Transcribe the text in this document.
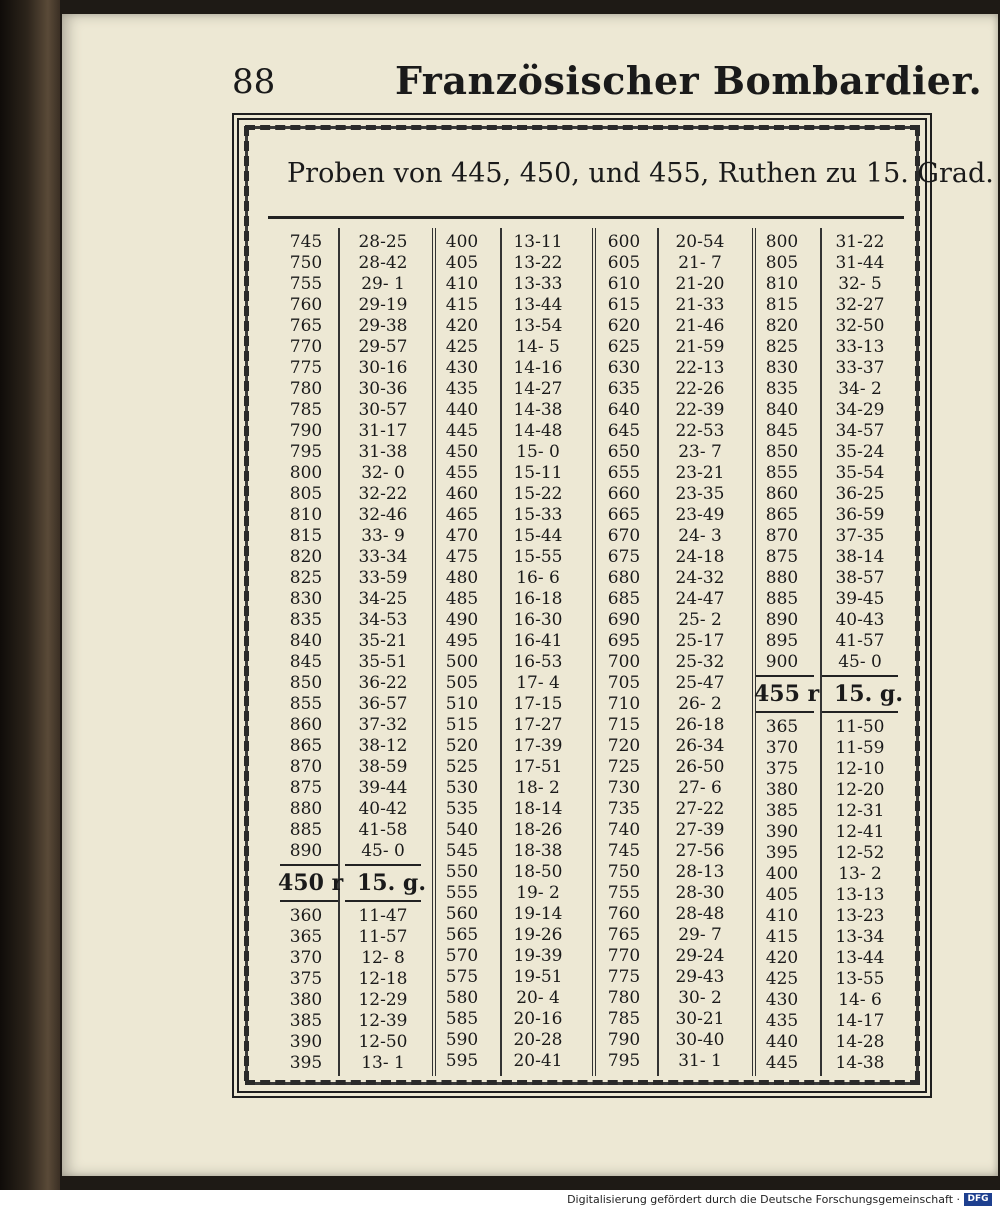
88	Französischer Bombardier.
Proben von 445, 450, und 455, Ruthen zu 15. Grad.
745	28-25
750	28-42
755	29- 1
760	29-19
765	29-38
770	29-57
775	30-16
780	30-36
785	30-57
790	31-17
795	31-38
800	32- 0
805	32-22
810	32-46
815	33- 9
820	33-34
825	33-59
830	34-25
835	34-53
840	35-21
845	35-51
850	36-22
855	36-57
860	37-32
865	38-12
870	38-59
875	39-44
880	40-42
885	41-58
890	45- 0
450 r 15. g.
360	11-47
365	11-57
370	12- 8
375	12-18
380	12-29
385	12-39
390	12-50
395	13- 1
400	13-11
405	13-22
410	13-33
415	13-44
420	13-54
425	14- 5
430	14-16
435	14-27
440	14-38
445	14-48
450	15- 0
455	15-11
460	15-22
465	15-33
470	15-44
475	15-55
480	16- 6
485	16-18
490	16-30
495	16-41
500	16-53
505	17- 4
510	17-15
515	17-27
520	17-39
525	17-51
530	18- 2
535	18-14
540	18-26
545	18-38
550	18-50
555	19- 2
560	19-14
565	19-26
570	19-39
575	19-51
580	20- 4
585	20-16
590	20-28
595	20-41
600	20-54
605	21- 7
610	21-20
615	21-33
620	21-46
625	21-59
630	22-13
635	22-26
640	22-39
645	22-53
650	23- 7
655	23-21
660	23-35
665	23-49
670	24- 3
675	24-18
680	24-32
685	24-47
690	25- 2
695	25-17
700	25-32
705	25-47
710	26- 2
715	26-18
720	26-34
725	26-50
730	27- 6
735	27-22
740	27-39
745	27-56
750	28-13
755	28-30
760	28-48
765	29- 7
770	29-24
775	29-43
780	30- 2
785	30-21
790	30-40
795	31- 1
800	31-22
805	31-44
810	32- 5
815	32-27
820	32-50
825	33-13
830	33-37
835	34- 2
840	34-29
845	34-57
850	35-24
855	35-54
860	36-25
865	36-59
870	37-35
875	38-14
880	38-57
885	39-45
890	40-43
895	41-57
900	45- 0
455 r 15. g.
365	11-50
370	11-59
375	12-10
380	12-20
385	12-31
390	12-41
395	12-52
400	13- 2
405	13-13
410	13-23
415	13-34
420	13-44
425	13-55
430	14- 6
435	14-17
440	14-28
445	14-38
Digitalisierung gefördert durch die Deutsche Forschungsgemeinschaft · DFG
